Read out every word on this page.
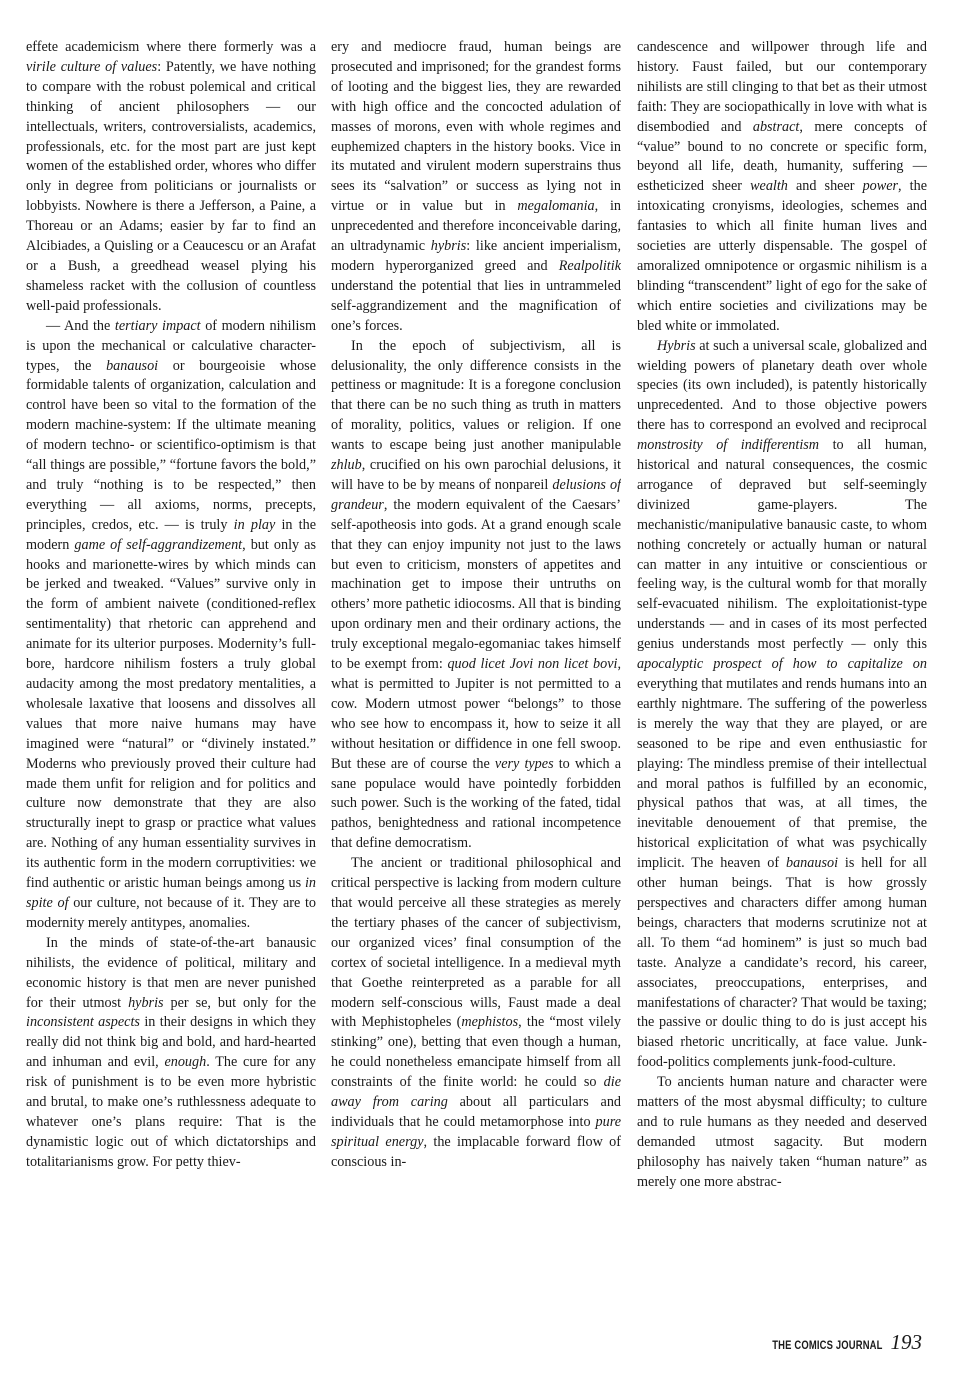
effete academicism where there formerly was a virile culture of values: Patently, we have nothing to compare with the robust polemical and critical thinking of ancient philosophers — our intellectuals, writers, controversialists, academics, professionals, etc. for the most part are just kept women of the established order, whores who differ only in degree from politicians or journalists or lobbyists. Nowhere is there a Jefferson, a Paine, a Thoreau or an Adams; easier by far to find an Alcibiades, a Quisling or a Ceaucescu or an Arafat or a Bush, a greedhead weasel plying his shameless racket with the collusion of countless well-paid professionals.

— And the tertiary impact of modern nihilism is upon the mechanical or calculative character-types, the banausoi or bourgeoisie whose formidable talents of organization, calculation and control have been so vital to the formation of the modern machine-system: If the ultimate meaning of modern techno- or scientifico-optimism is that “all things are possible,” “fortune favors the bold,” and truly “nothing is to be respected,” then everything — all axioms, norms, precepts, principles, credos, etc. — is truly in play in the modern game of self-aggrandizement, but only as hooks and marionette-wires by which minds can be jerked and tweaked. “Values” survive only in the form of ambient naivete (conditioned-reflex sentimentality) that rhetoric can apprehend and animate for its ulterior purposes. Modernity’s full-bore, hardcore nihilism fosters a truly global audacity among the most predatory mentalities, a wholesale laxative that loosens and dissolves all values that more naive humans may have imagined were “natural” or “divinely instated.” Moderns who previously proved their culture had made them unfit for religion and for politics and culture now demonstrate that they are also structurally inept to grasp or practice what values are. Nothing of any human essentiality survives in its authentic form in the modern corruptivities: we find authentic or aristic human beings among us in spite of our culture, not because of it. They are to modernity merely antitypes, anomalies.

In the minds of state-of-the-art banausic nihilists, the evidence of political, military and economic history is that men are never punished for their utmost hybris per se, but only for the inconsistent aspects in their designs in which they really did not think big and bold, and hard-hearted and inhuman and evil, enough. The cure for any risk of punishment is to be even more hybristic and brutal, to make one’s ruthlessness adequate to whatever one’s plans require: That is the dynamistic logic out of which dictatorships and totalitarianisms grow. For petty thiev-

ery and mediocre fraud, human beings are prosecuted and imprisoned; for the grandest forms of looting and the biggest lies, they are rewarded with high office and the concocted adulation of masses of morons, even with whole regimes and euphemized chapters in the history books. Vice in its mutated and virulent modern superstrains thus sees its “salvation” or success as lying not in virtue or in value but in megalomania, in unprecedented and therefore inconceivable daring, an ultradynamic hybris: like ancient imperialism, modern hyperorganized greed and Realpolitik understand the potential that lies in untrammeled self-aggrandizement and the magnification of one’s forces.

In the epoch of subjectivism, all is delusionality, the only difference consists in the pettiness or magnitude: It is a foregone conclusion that there can be no such thing as truth in matters of morality, politics, values or religion. If one wants to escape being just another manipulable zhlub, crucified on his own parochial delusions, it will have to be by means of nonpareil delusions of grandeur, the modern equivalent of the Caesars’ self-apotheosis into gods. At a grand enough scale that they can enjoy impunity not just to the laws but even to criticism, monsters of appetites and machination get to impose their untruths on others’ more pathetic idiocosms. All that is binding upon ordinary men and their ordinary actions, the truly exceptional megalo-egomaniac takes himself to be exempt from: quod licet Jovi non licet bovi, what is permitted to Jupiter is not permitted to a cow. Modern utmost power “belongs” to those who see how to encompass it, how to seize it all without hesitation or diffidence in one fell swoop. But these are of course the very types to which a sane populace would have pointedly forbidden such power. Such is the working of the fated, tidal pathos, benightedness and rational incompetence that define democratism.

The ancient or traditional philosophical and critical perspective is lacking from modern culture that would perceive all these strategies as merely the tertiary phases of the cancer of subjectivism, our organized vices’ final consumption of the cortex of societal intelligence. In a medieval myth that Goethe reinterpreted as a parable for all modern self-conscious wills, Faust made a deal with Mephistopheles (mephistos, the “most vilely stinking” one), betting that even though a human, he could nonetheless emancipate himself from all constraints of the finite world: he could so die away from caring about all particulars and individuals that he could metamorphose into pure spiritual energy, the implacable forward flow of conscious in-

candescence and willpower through life and history. Faust failed, but our contemporary nihilists are still clinging to that bet as their utmost faith: They are sociopathically in love with what is disembodied and abstract, mere concepts of “value” bound to no concrete or specific form, beyond all life, death, humanity, suffering — estheticized sheer wealth and sheer power, the intoxicating cronyisms, ideologies, schemes and fantasies to which all finite human lives and societies are utterly dispensable. The gospel of amoralized omnipotence or orgasmic nihilism is a blinding “transcendent” light of ego for the sake of which entire societies and civilizations may be bled white or immolated.

Hybris at such a universal scale, globalized and wielding powers of planetary death over whole species (its own included), is patently historically unprecedented. And to those objective powers there has to correspond an evolved and reciprocal monstrosity of indifferentism to all human, historical and natural consequences, the cosmic arrogance of depraved but self-seemingly divinized game-players. The mechanistic/manipulative banausic caste, to whom nothing concretely or actually human or natural can matter in any intuitive or conscientious or feeling way, is the cultural womb for that morally self-evacuated nihilism. The exploitationist-type understands — and in cases of its most perfected genius understands most perfectly — only this apocalyptic prospect of how to capitalize on everything that mutilates and rends humans into an earthly nightmare. The suffering of the powerless is merely the way that they are played, or are seasoned to be ripe and even enthusiastic for playing: The mindless premise of their intellectual and moral pathos is fulfilled by an economic, physical pathos that was, at all times, the inevitable denouement of that premise, the historical explicitation of what was psychically implicit. The heaven of banausoi is hell for all other human beings. That is how grossly perspectives and characters differ among human beings, characters that moderns scrutinize not at all. To them “ad hominem” is just so much bad taste. Analyze a candidate’s record, his career, associates, preoccupations, enterprises, and manifestations of character? That would be taxing; the passive or doulic thing to do is just accept his biased rhetoric uncritically, at face value. Junk-food-politics complements junk-food-culture.

To ancients human nature and character were matters of the most abysmal difficulty; to culture and to rule humans as they needed and deserved demanded utmost sagacity. But modern philosophy has naively taken “human nature” as merely one more abstrac-

THE COMICS JOURNAL 193
